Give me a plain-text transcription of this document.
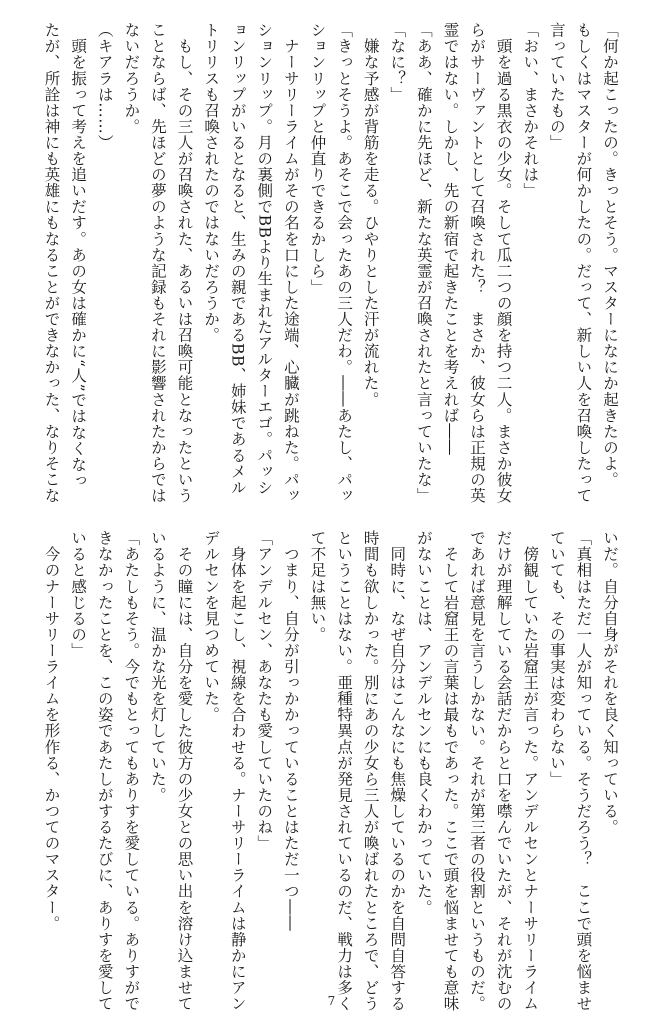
「何か起こったの。きっとそう。マスターになにか起きたのよ。
もしくはマスターが何かしたの。だって、新しい人を召喚したって
言っていたもの」
「おい、まさかそれは」
　頭を過る黒衣の少女。そして瓜二つの顔を持つ二人。まさか彼女
らがサーヴァントとして召喚された？　まさか、彼女らは正規の英
霊ではない。しかし、先の新宿で起きたことを考えれば――
「ああ、確かに先ほど、新たな英霊が召喚されたと言っていたな」
「なに？」
　嫌な予感が背筋を走る。ひやりとした汗が流れた。
「きっとそうよ。あそこで会ったあの三人だわ。――あたし、パッ
ションリップと仲直りできるかしら」
　ナーサリーライムがその名を口にした途端、心臓が跳ねた。パッ
ションリップ。月の裏側でBBより生まれたアルターエゴ。パッシ
ョンリップがいるとなると、生みの親であるBB、姉妹であるメル
トリリスも召喚されたのではないだろうか。
　もし、その三人が召喚された、あるいは召喚可能となったという
ことならば、先ほどの夢のような記録もそれに影響されたからでは
ないだろうか。
（キアラは……）
　頭を振って考えを追いだす。あの女は確かに“人”ではなくなっ
たが、所詮は神にも英雄にもなることができなかった、なりそこな
いだ。自分自身がそれを良く知っている。
「真相はただ一人が知っている。そうだろう？　ここで頭を悩ませ
ていても、その事実は変わらない」
　傍観していた岩窟王が言った。アンデルセンとナーサリーライム
だけが理解している会話だからと口を噤んでいたが、それが沈むの
であれば意見を言うしかない。それが第三者の役割というものだ。
　そして岩窟王の言葉は最もであった。ここで頭を悩ませても意味
がないことは、アンデルセンにも良くわかっていた。
　同時に、なぜ自分はこんなにも焦燥しているのかを自問自答する
時間も欲しかった。別にあの少女ら三人が喚ばれたところで、どう
ということはない。亜種特異点が発見されているのだ、戦力は多く
て不足は無い。
　つまり、自分が引っかかっていることはただ一つ――
「アンデルセン、あなたも愛していたのね」
　身体を起こし、視線を合わせる。ナーサリーライムは静かにアン
デルセンを見つめていた。
　その瞳には、自分を愛した彼方の少女との思い出を溶け込ませて
いるように、温かな光を灯していた。
「あたしもそう。今でもとってもありすを愛している。ありすがで
きなかったことを、この姿であたしがするたびに、ありすを愛して
いると感じるの」
　今のナーサリーライムを形作る、かつてのマスター。
7
